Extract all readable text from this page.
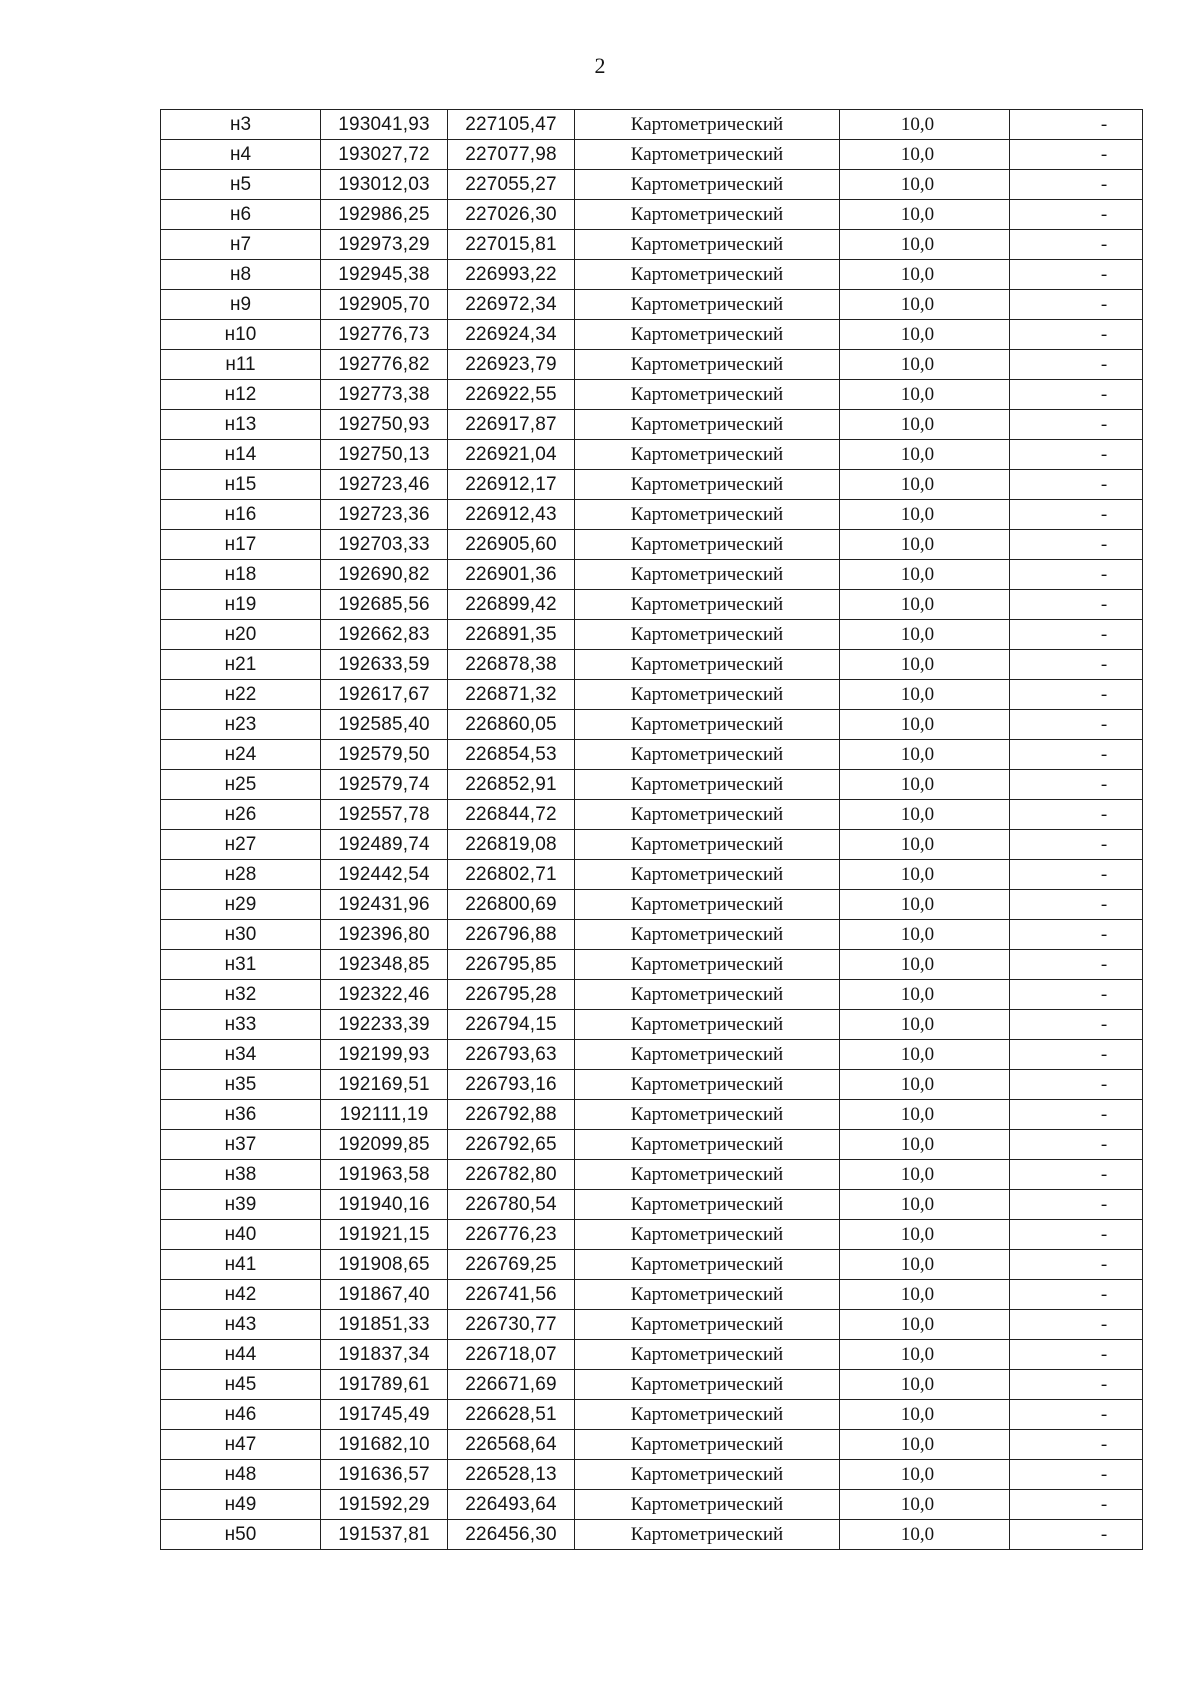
2
н3	193041,93	227105,47	Картометрический	10,0	-
н4	193027,72	227077,98	Картометрический	10,0	-
н5	193012,03	227055,27	Картометрический	10,0	-
н6	192986,25	227026,30	Картометрический	10,0	-
н7	192973,29	227015,81	Картометрический	10,0	-
н8	192945,38	226993,22	Картометрический	10,0	-
н9	192905,70	226972,34	Картометрический	10,0	-
н10	192776,73	226924,34	Картометрический	10,0	-
н11	192776,82	226923,79	Картометрический	10,0	-
н12	192773,38	226922,55	Картометрический	10,0	-
н13	192750,93	226917,87	Картометрический	10,0	-
н14	192750,13	226921,04	Картометрический	10,0	-
н15	192723,46	226912,17	Картометрический	10,0	-
н16	192723,36	226912,43	Картометрический	10,0	-
н17	192703,33	226905,60	Картометрический	10,0	-
н18	192690,82	226901,36	Картометрический	10,0	-
н19	192685,56	226899,42	Картометрический	10,0	-
н20	192662,83	226891,35	Картометрический	10,0	-
н21	192633,59	226878,38	Картометрический	10,0	-
н22	192617,67	226871,32	Картометрический	10,0	-
н23	192585,40	226860,05	Картометрический	10,0	-
н24	192579,50	226854,53	Картометрический	10,0	-
н25	192579,74	226852,91	Картометрический	10,0	-
н26	192557,78	226844,72	Картометрический	10,0	-
н27	192489,74	226819,08	Картометрический	10,0	-
н28	192442,54	226802,71	Картометрический	10,0	-
н29	192431,96	226800,69	Картометрический	10,0	-
н30	192396,80	226796,88	Картометрический	10,0	-
н31	192348,85	226795,85	Картометрический	10,0	-
н32	192322,46	226795,28	Картометрический	10,0	-
н33	192233,39	226794,15	Картометрический	10,0	-
н34	192199,93	226793,63	Картометрический	10,0	-
н35	192169,51	226793,16	Картометрический	10,0	-
н36	192111,19	226792,88	Картометрический	10,0	-
н37	192099,85	226792,65	Картометрический	10,0	-
н38	191963,58	226782,80	Картометрический	10,0	-
н39	191940,16	226780,54	Картометрический	10,0	-
н40	191921,15	226776,23	Картометрический	10,0	-
н41	191908,65	226769,25	Картометрический	10,0	-
н42	191867,40	226741,56	Картометрический	10,0	-
н43	191851,33	226730,77	Картометрический	10,0	-
н44	191837,34	226718,07	Картометрический	10,0	-
н45	191789,61	226671,69	Картометрический	10,0	-
н46	191745,49	226628,51	Картометрический	10,0	-
н47	191682,10	226568,64	Картометрический	10,0	-
н48	191636,57	226528,13	Картометрический	10,0	-
н49	191592,29	226493,64	Картометрический	10,0	-
н50	191537,81	226456,30	Картометрический	10,0	-
